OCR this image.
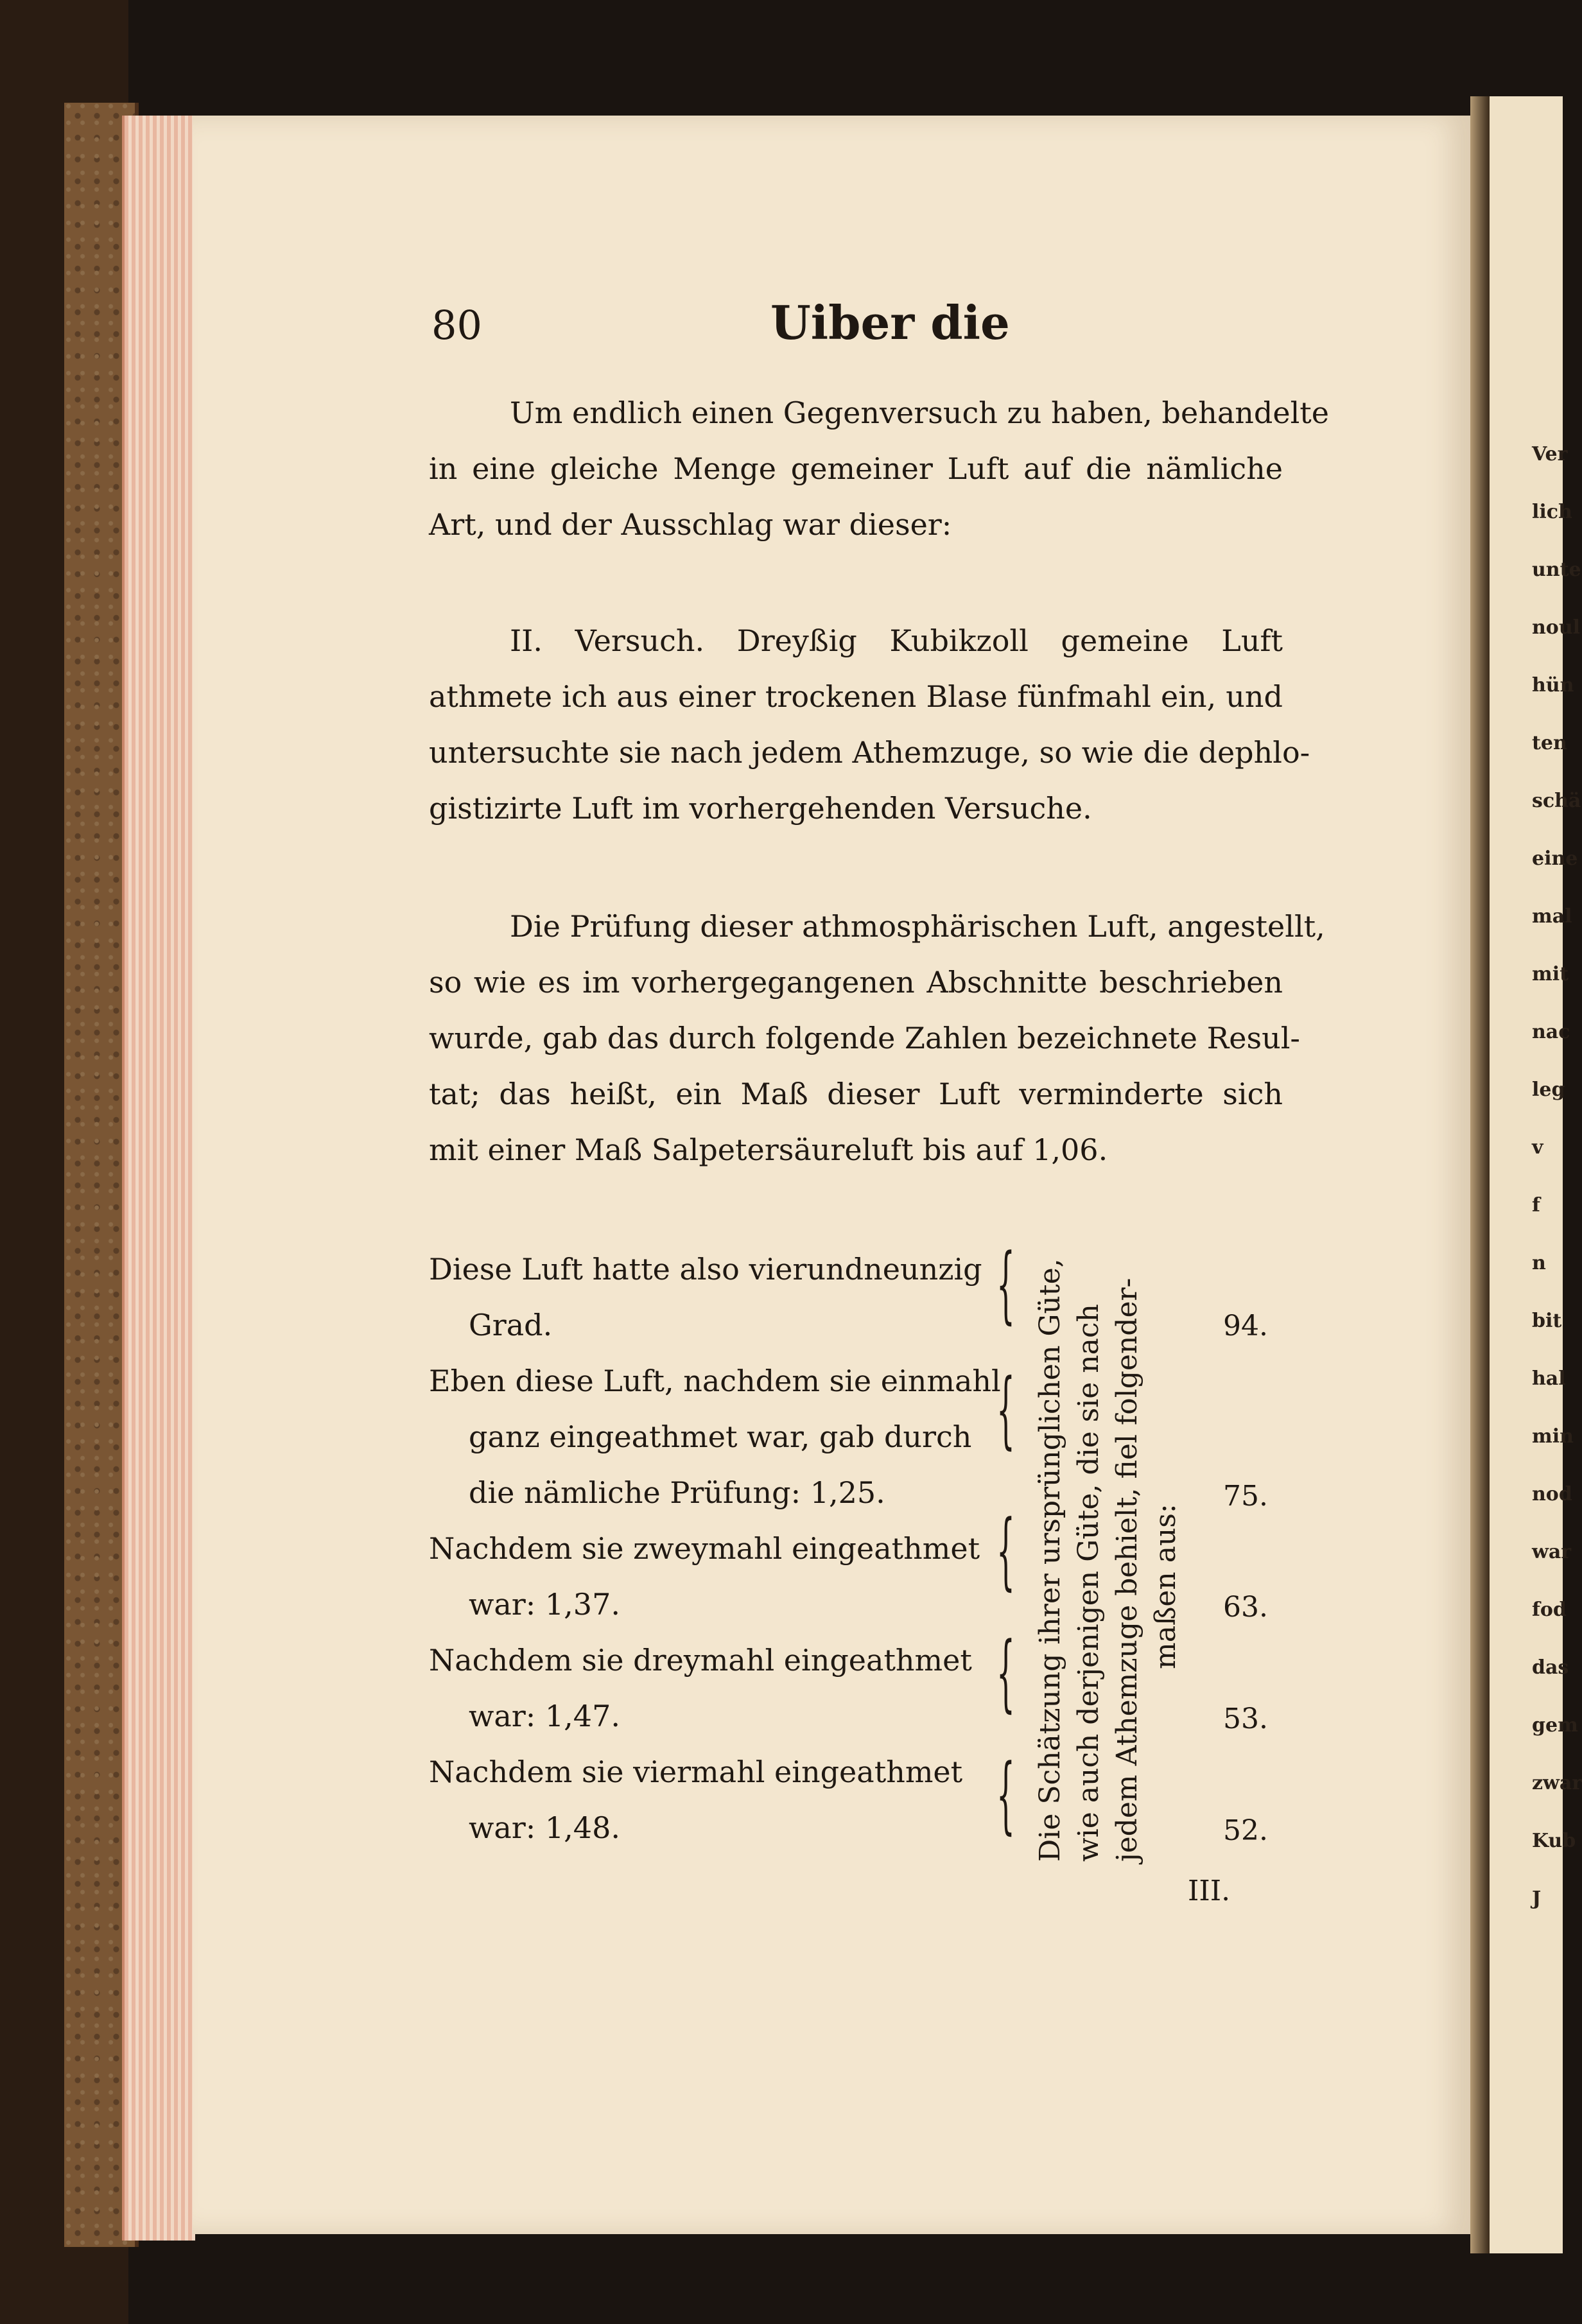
Ver
lich
unte
noul
hün
ten
schä
eine
mal
mit
nac
leg
v
f
n
bit
hal
min
nod
war
fod
das
gem
zwar
Kub
J
80	Uiber die
Um endlich einen Gegenversuch zu haben, behandelte
in eine gleiche Menge gemeiner Luft auf die nämliche
Art, und der Ausschlag war dieser:
II. Versuch. Dreyßig Kubikzoll gemeine Luft
athmete ich aus einer trockenen Blase fünfmahl ein, und
untersuchte sie nach jedem Athemzuge, so wie die dephlo-
gistizirte Luft im vorhergehenden Versuche.
Die Prüfung dieser athmosphärischen Luft, angestellt,
so wie es im vorhergegangenen Abschnitte beschrieben
wurde, gab das durch folgende Zahlen bezeichnete Resul-
tat; das heißt, ein Maß dieser Luft verminderte sich
mit einer Maß Salpetersäureluft bis auf 1,06.
Diese Luft hatte also vierundneunzig
Grad.
Eben diese Luft, nachdem sie einmahl
ganz eingeathmet war, gab durch
die nämliche Prüfung: 1,25.
Nachdem sie zweymahl eingeathmet
war: 1,37.
Nachdem sie dreymahl eingeathmet
war: 1,47.
Nachdem sie viermahl eingeathmet
war: 1,48.
{
{
{
{
{ Die Schätzung ihrer ursprünglichen Güte, wie auch derjenigen Güte, die sie nach jedem Athemzuge behielt, fiel folgender- maßen aus:
94.
75.
63.
53.
52.
III.
